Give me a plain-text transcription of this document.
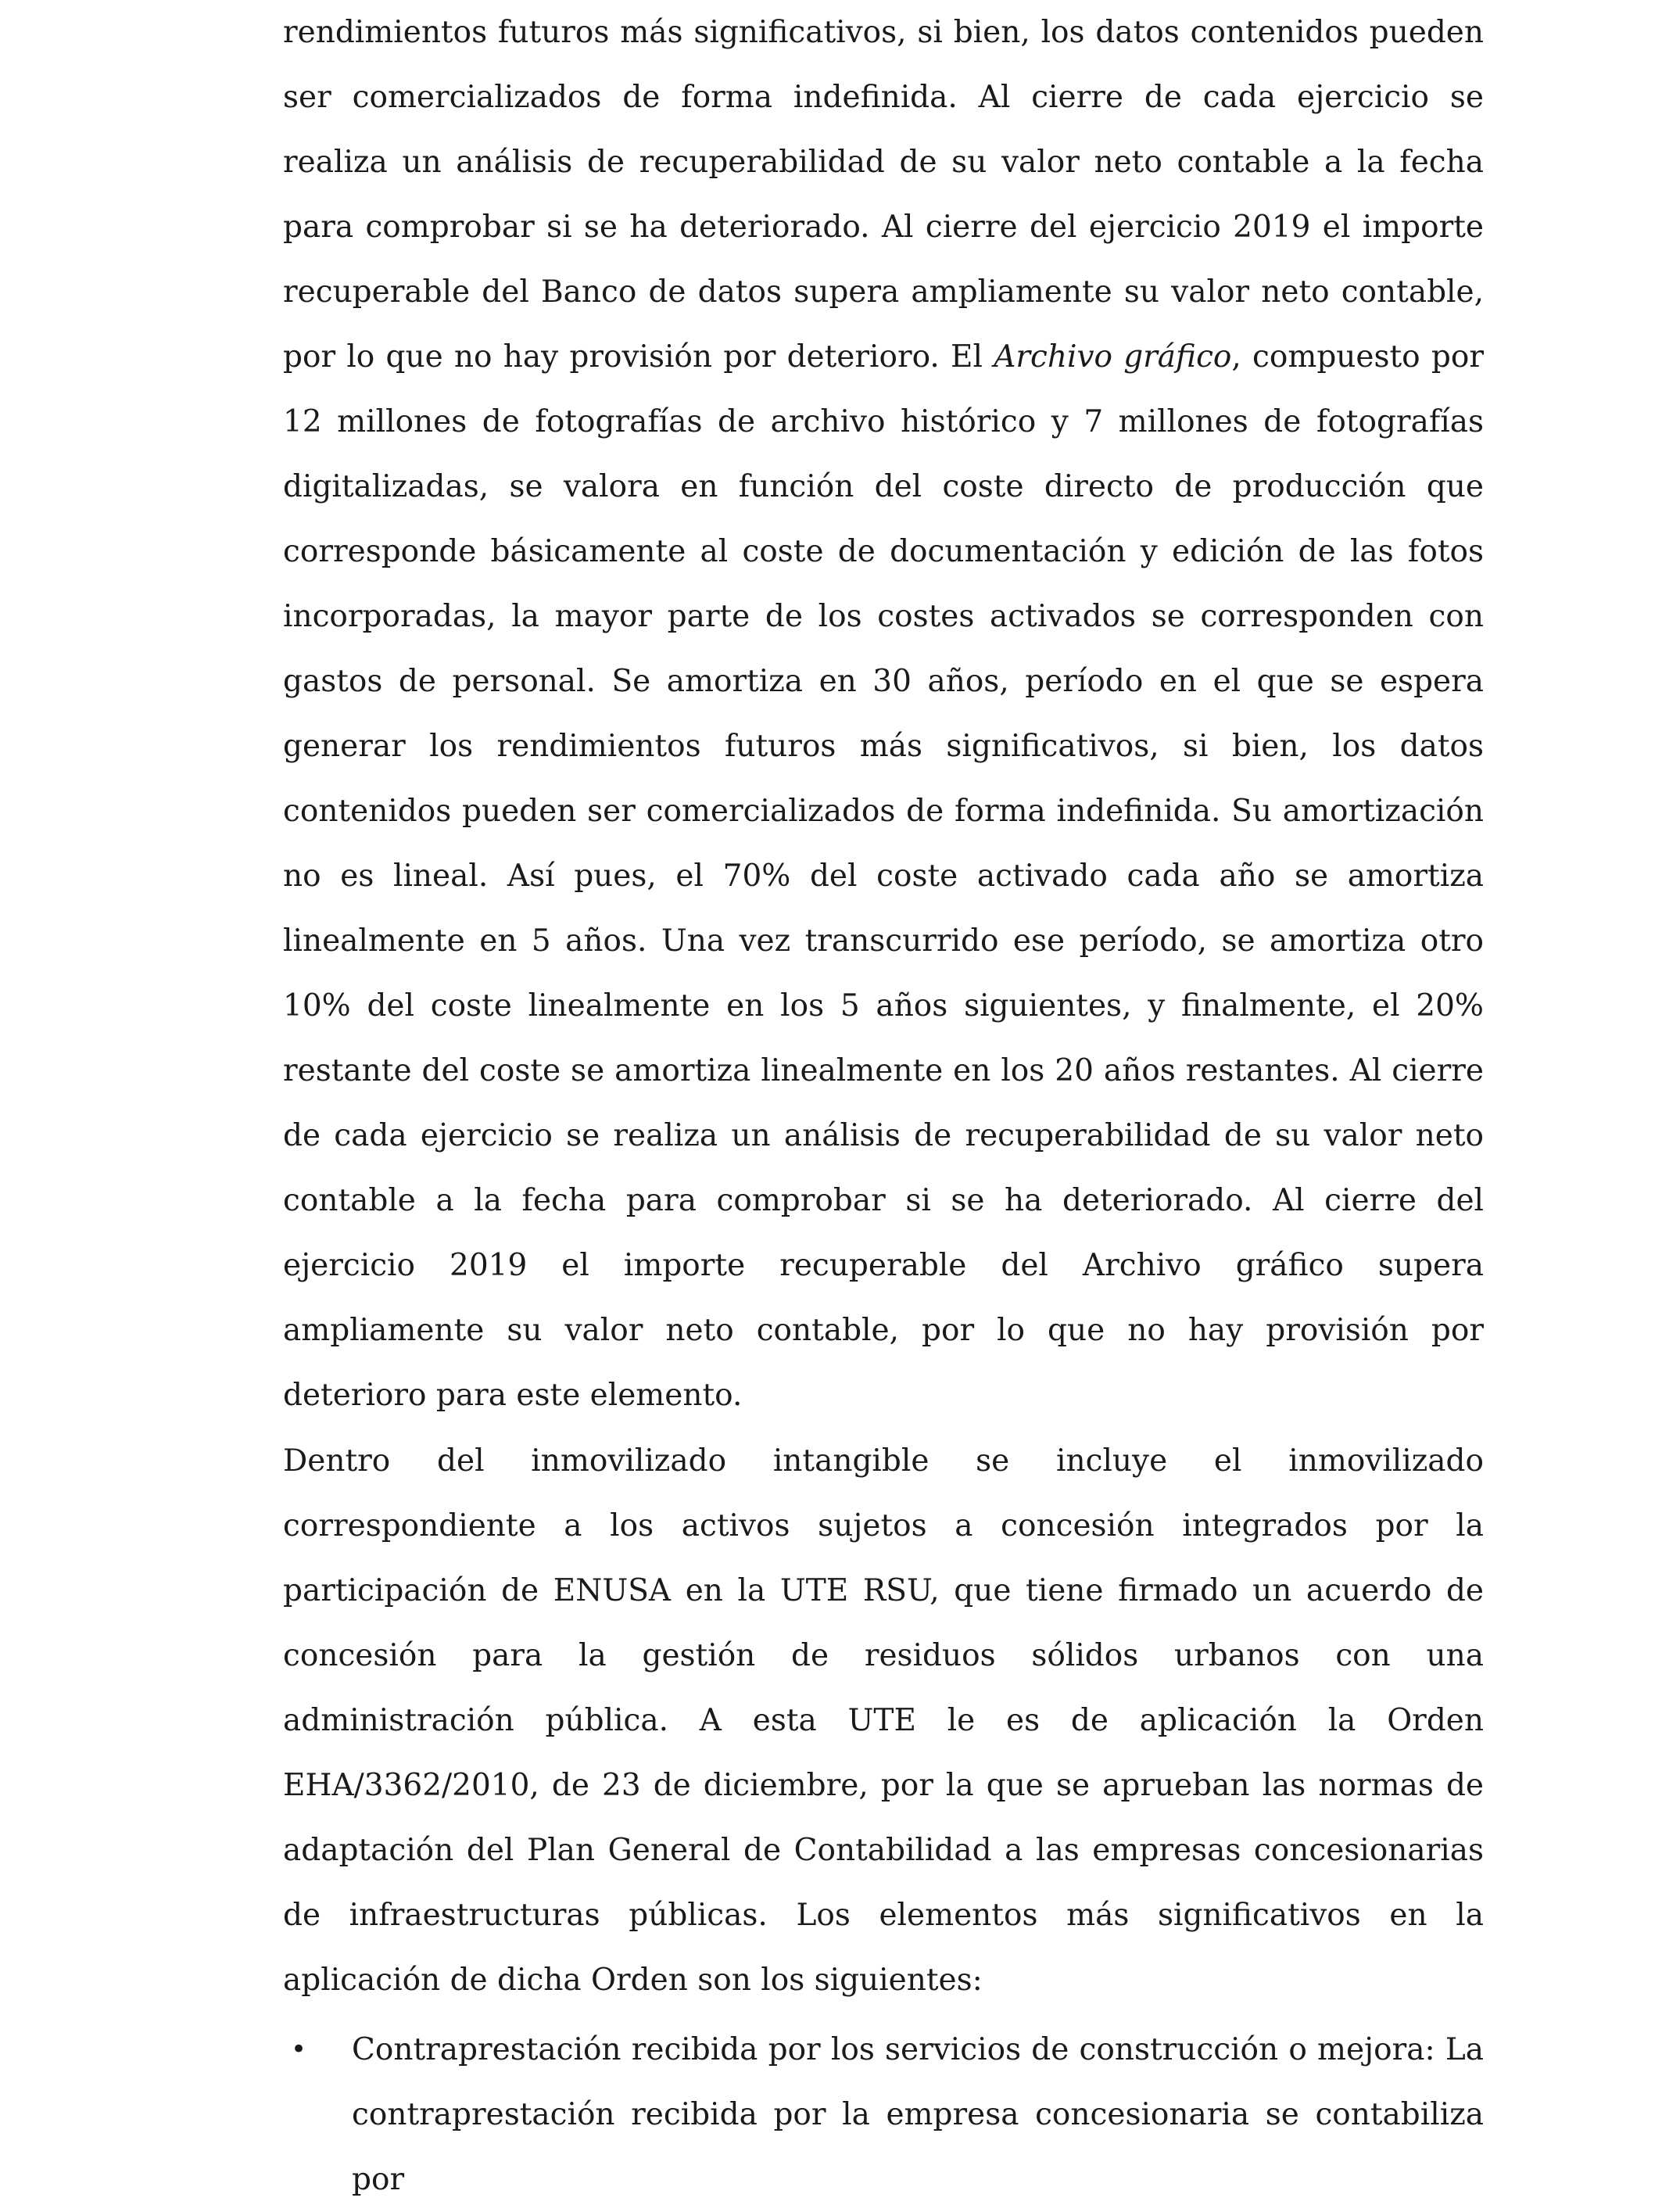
rendimientos futuros más significativos, si bien, los datos contenidos pueden ser comercializados de forma indefinida. Al cierre de cada ejercicio se realiza un análisis de recuperabilidad de su valor neto contable a la fecha para comprobar si se ha deteriorado. Al cierre del ejercicio 2019 el importe recuperable del Banco de datos supera ampliamente su valor neto contable, por lo que no hay provisión por deterioro. El Archivo gráfico, compuesto por 12 millones de fotografías de archivo histórico y 7 millones de fotografías digitalizadas, se valora en función del coste directo de producción que corresponde básicamente al coste de documentación y edición de las fotos incorporadas, la mayor parte de los costes activados se corresponden con gastos de personal. Se amortiza en 30 años, período en el que se espera generar los rendimientos futuros más significativos, si bien, los datos contenidos pueden ser comercializados de forma indefinida. Su amortización no es lineal. Así pues, el 70% del coste activado cada año se amortiza linealmente en 5 años. Una vez transcurrido ese período, se amortiza otro 10% del coste linealmente en los 5 años siguientes, y finalmente, el 20% restante del coste se amortiza linealmente en los 20 años restantes. Al cierre de cada ejercicio se realiza un análisis de recuperabilidad de su valor neto contable a la fecha para comprobar si se ha deteriorado. Al cierre del ejercicio 2019 el importe recuperable del Archivo gráfico supera ampliamente su valor neto contable, por lo que no hay provisión por deterioro para este elemento.

Dentro del inmovilizado intangible se incluye el inmovilizado correspondiente a los activos sujetos a concesión integrados por la participación de ENUSA en la UTE RSU, que tiene firmado un acuerdo de concesión para la gestión de residuos sólidos urbanos con una administración pública. A esta UTE le es de aplicación la Orden EHA/3362/2010, de 23 de diciembre, por la que se aprueban las normas de adaptación del Plan General de Contabilidad a las empresas concesionarias de infraestructuras públicas. Los elementos más significativos en la aplicación de dicha Orden son los siguientes:

• Contraprestación recibida por los servicios de construcción o mejora: La contraprestación recibida por la empresa concesionaria se contabiliza por
